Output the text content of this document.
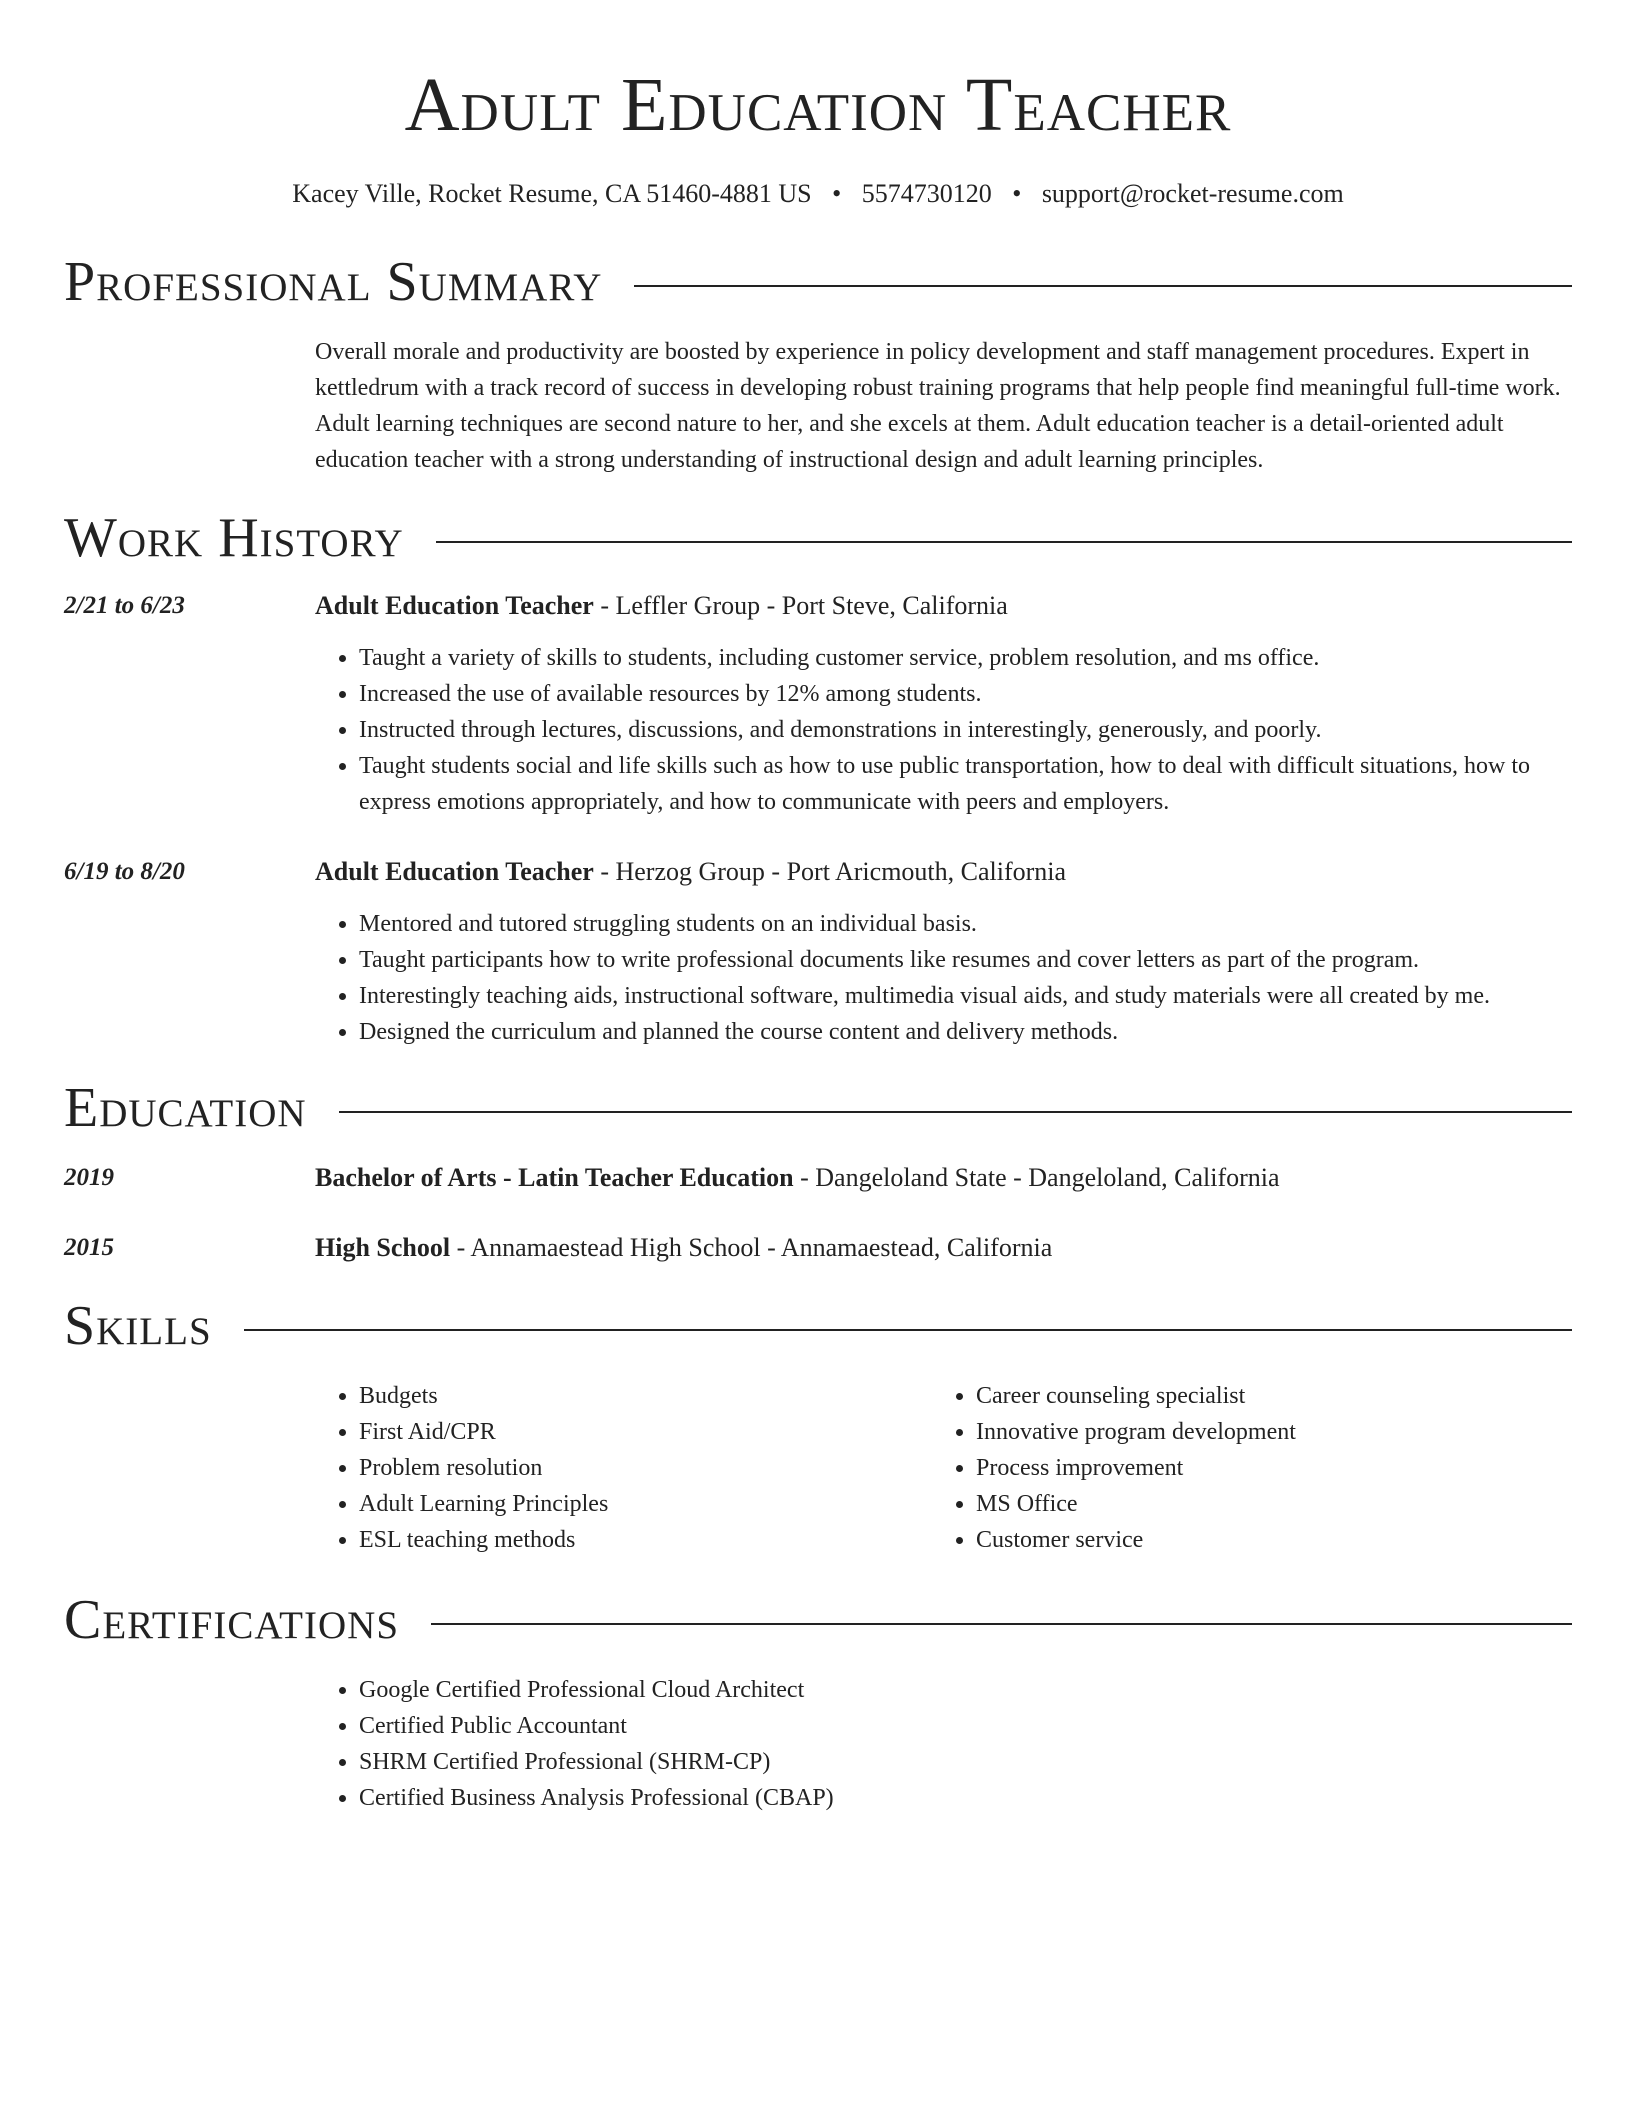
Adult Education Teacher
Kacey Ville, Rocket Resume, CA 51460-4881 US • 5574730120 • support@rocket-resume.com
Professional Summary
Overall morale and productivity are boosted by experience in policy development and staff management procedures. Expert in kettledrum with a track record of success in developing robust training programs that help people find meaningful full-time work. Adult learning techniques are second nature to her, and she excels at them. Adult education teacher is a detail-oriented adult education teacher with a strong understanding of instructional design and adult learning principles.
Work History
2/21 to 6/23	Adult Education Teacher - Leffler Group - Port Steve, California
• Taught a variety of skills to students, including customer service, problem resolution, and ms office.
• Increased the use of available resources by 12% among students.
• Instructed through lectures, discussions, and demonstrations in interestingly, generously, and poorly.
• Taught students social and life skills such as how to use public transportation, how to deal with difficult situations, how to express emotions appropriately, and how to communicate with peers and employers.
6/19 to 8/20	Adult Education Teacher - Herzog Group - Port Aricmouth, California
• Mentored and tutored struggling students on an individual basis.
• Taught participants how to write professional documents like resumes and cover letters as part of the program.
• Interestingly teaching aids, instructional software, multimedia visual aids, and study materials were all created by me.
• Designed the curriculum and planned the course content and delivery methods.
Education
2019	Bachelor of Arts - Latin Teacher Education - Dangeloland State - Dangeloland, California
2015	High School - Annamaestead High School - Annamaestead, California
Skills
• Budgets
• First Aid/CPR
• Problem resolution
• Adult Learning Principles
• ESL teaching methods
• Career counseling specialist
• Innovative program development
• Process improvement
• MS Office
• Customer service
Certifications
• Google Certified Professional Cloud Architect
• Certified Public Accountant
• SHRM Certified Professional (SHRM-CP)
• Certified Business Analysis Professional (CBAP)
